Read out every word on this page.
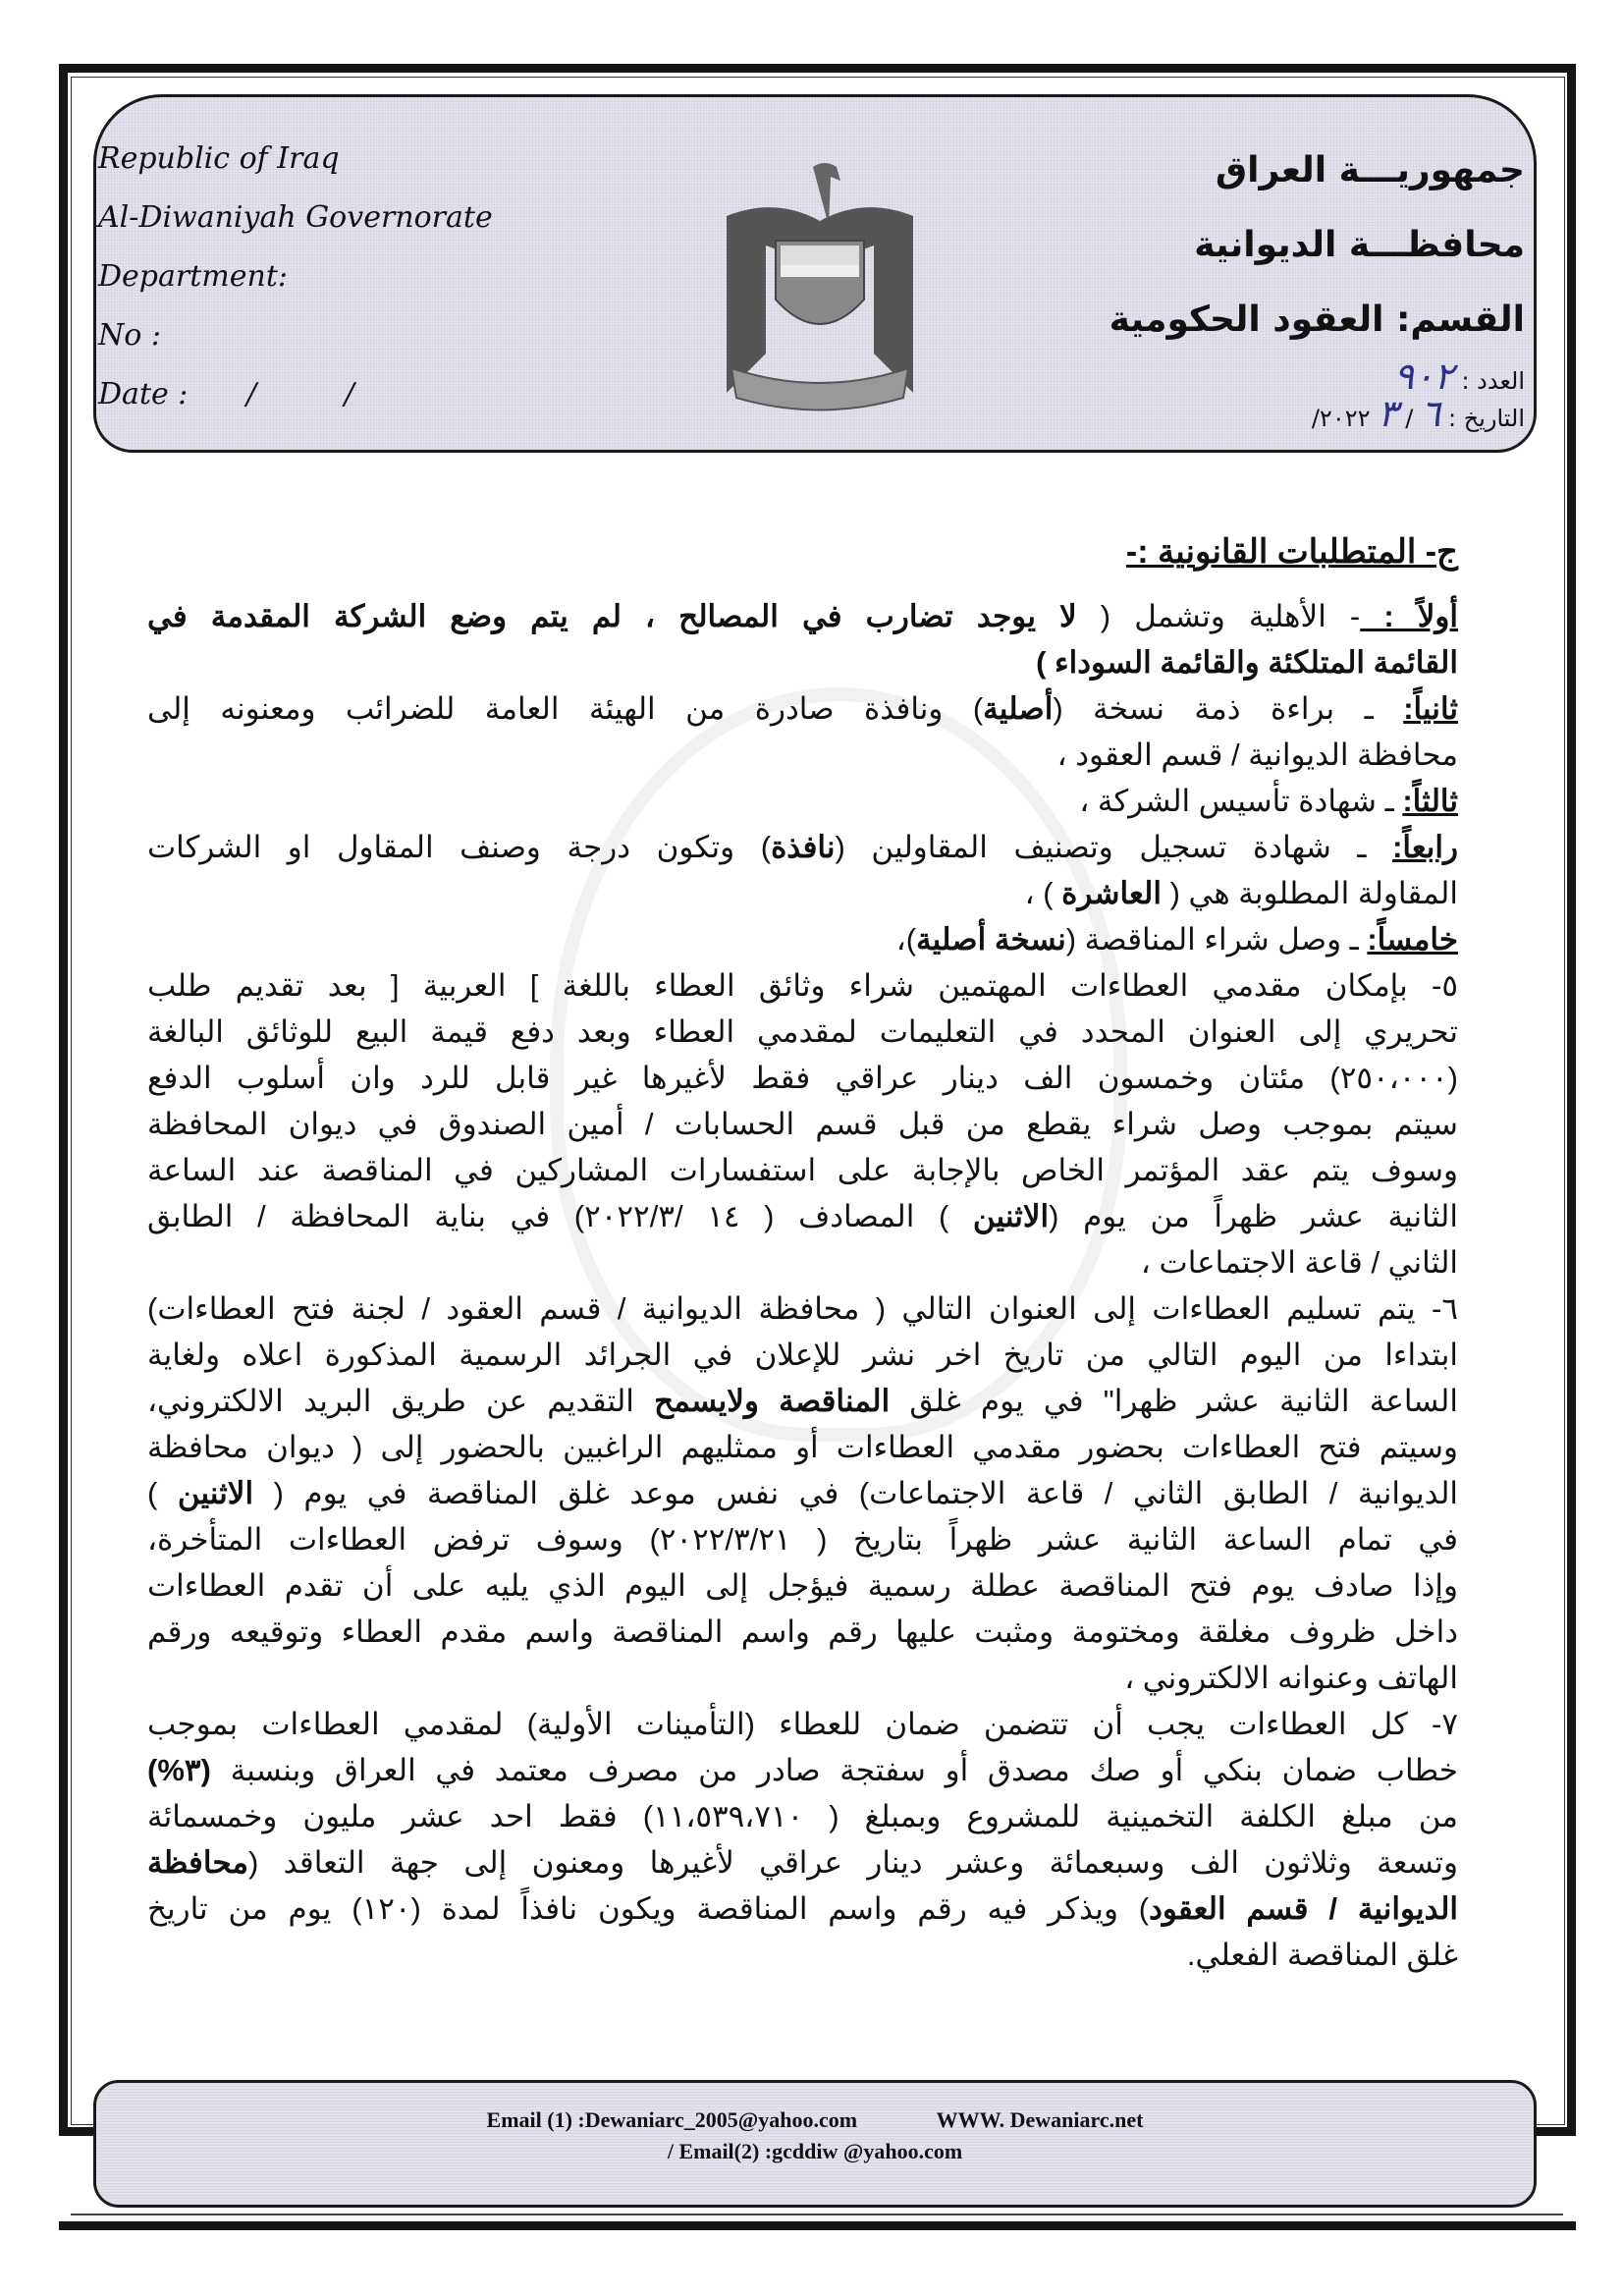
Republic of Iraq
Al-Diwaniyah Governorate
Department:
No :
Date : / /
جمهوريـــة العراق
محافظـــة الديوانية
القسم: العقود الحكومية
العدد : ٩٠٢
التاريخ : ٦ / ٣ ٢٠٢٢/
ج- المتطلبات القانونية :-
أولاً : - الأهلية وتشمل ( لا يوجد تضارب في المصالح ، لم يتم وضع الشركة المقدمة في
القائمة المتلكئة والقائمة السوداء )
ثانياً: ـ براءة ذمة نسخة (أصلية) ونافذة صادرة من الهيئة العامة للضرائب ومعنونه إلى
محافظة الديوانية / قسم العقود ،
ثالثاً: ـ شهادة تأسيس الشركة ،
رابعاً: ـ شهادة تسجيل وتصنيف المقاولين (نافذة) وتكون درجة وصنف المقاول او الشركات
المقاولة المطلوبة هي ( العاشرة ) ،
خامساً: ـ وصل شراء المناقصة (نسخة أصلية)،
٥- بإمكان مقدمي العطاءات المهتمين شراء وثائق العطاء باللغة ] العربية [ بعد تقديم طلب
تحريري إلى العنوان المحدد في التعليمات لمقدمي العطاء وبعد دفع قيمة البيع للوثائق البالغة
(٢٥٠،٠٠٠) مئتان وخمسون الف دينار عراقي فقط لأغيرها غير قابل للرد وان أسلوب الدفع
سيتم بموجب وصل شراء يقطع من قبل قسم الحسابات / أمين الصندوق في ديوان المحافظة
وسوف يتم عقد المؤتمر الخاص بالإجابة على استفسارات المشاركين في المناقصة عند الساعة
الثانية عشر ظهراً من يوم (الاثنين ) المصادف ( ١٤ /٢٠٢٢/٣) في بناية المحافظة / الطابق
الثاني / قاعة الاجتماعات ،
٦- يتم تسليم العطاءات إلى العنوان التالي ( محافظة الديوانية / قسم العقود / لجنة فتح العطاءات)
ابتداءا من اليوم التالي من تاريخ اخر نشر للإعلان في الجرائد الرسمية المذكورة اعلاه ولغاية
الساعة الثانية عشر ظهرا" في يوم غلق المناقصة ولايسمح التقديم عن طريق البريد الالكتروني،
وسيتم فتح العطاءات بحضور مقدمي العطاءات أو ممثليهم الراغبين بالحضور إلى ( ديوان محافظة
الديوانية / الطابق الثاني / قاعة الاجتماعات) في نفس موعد غلق المناقصة في يوم ( الاثنين )
في تمام الساعة الثانية عشر ظهراً بتاريخ ( ٢٠٢٢/٣/٢١) وسوف ترفض العطاءات المتأخرة،
وإذا صادف يوم فتح المناقصة عطلة رسمية فيؤجل إلى اليوم الذي يليه على أن تقدم العطاءات
داخل ظروف مغلقة ومختومة ومثبت عليها رقم واسم المناقصة واسم مقدم العطاء وتوقيعه ورقم
الهاتف وعنوانه الالكتروني ،
٧- كل العطاءات يجب أن تتضمن ضمان للعطاء (التأمينات الأولية) لمقدمي العطاءات بموجب
خطاب ضمان بنكي أو صك مصدق أو سفتجة صادر من مصرف معتمد في العراق وبنسبة (٣%)
من مبلغ الكلفة التخمينية للمشروع وبمبلغ ( ١١،٥٣٩،٧١٠) فقط احد عشر مليون وخمسمائة
وتسعة وثلاثون الف وسبعمائة وعشر دينار عراقي لأغيرها ومعنون إلى جهة التعاقد (محافظة
الديوانية / قسم العقود) ويذكر فيه رقم واسم المناقصة ويكون نافذاً لمدة (١٢٠) يوم من تاريخ
غلق المناقصة الفعلي.
Email (1) :Dewaniarc_2005@yahoo.com	WWW. Dewaniarc.net
/ Email(2) :gcddiw @yahoo.com
